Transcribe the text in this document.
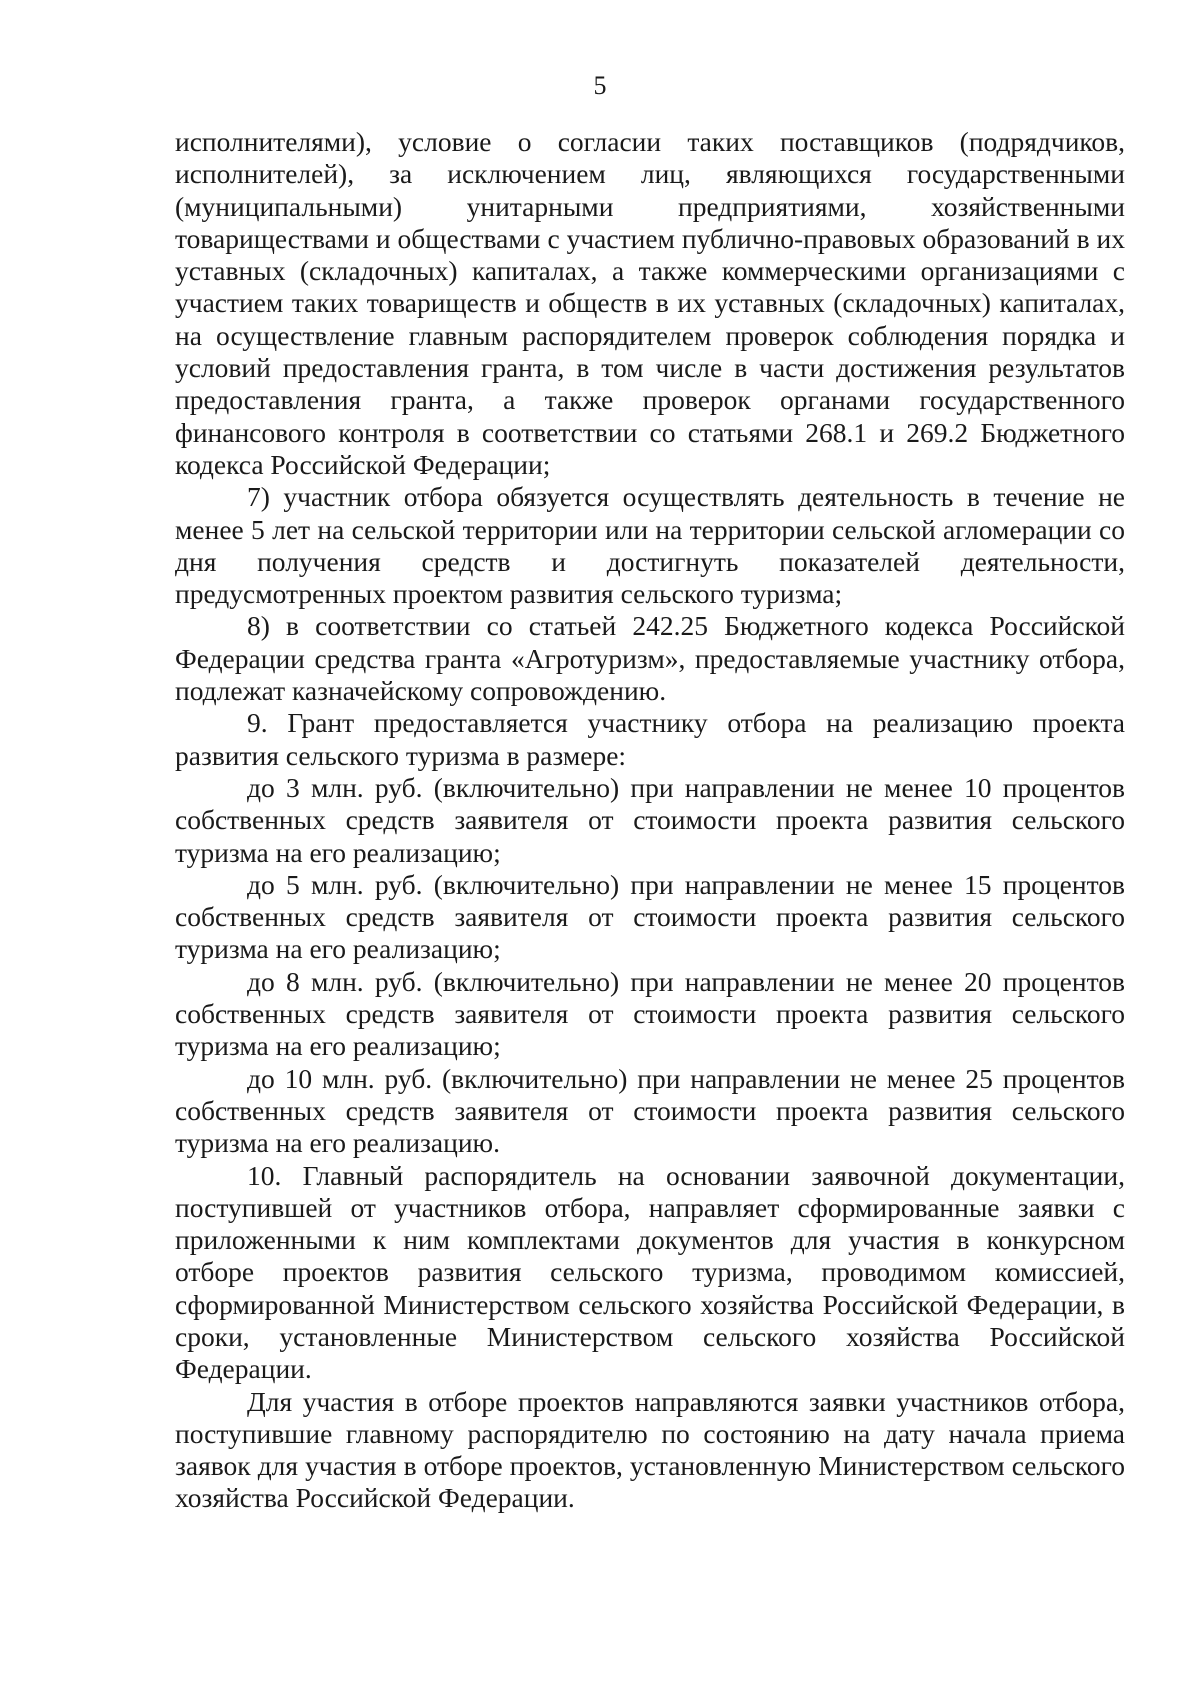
5

исполнителями), условие о согласии таких поставщиков (подрядчиков, исполнителей), за исключением лиц, являющихся государственными (муниципальными) унитарными предприятиями, хозяйственными товариществами и обществами с участием публично-правовых образований в их уставных (складочных) капиталах, а также коммерческими организациями с участием таких товариществ и обществ в их уставных (складочных) капиталах, на осуществление главным распорядителем проверок соблюдения порядка и условий предоставления гранта, в том числе в части достижения результатов предоставления гранта, а также проверок органами государственного финансового контроля в соответствии со статьями 268.1 и 269.2 Бюджетного кодекса Российской Федерации;

7) участник отбора обязуется осуществлять деятельность в течение не менее 5 лет на сельской территории или на территории сельской агломерации со дня получения средств и достигнуть показателей деятельности, предусмотренных проектом развития сельского туризма;

8) в соответствии со статьей 242.25 Бюджетного кодекса Российской Федерации средства гранта «Агротуризм», предоставляемые участнику отбора, подлежат казначейскому сопровождению.

9. Грант предоставляется участнику отбора на реализацию проекта развития сельского туризма в размере:

до 3 млн. руб. (включительно) при направлении не менее 10 процентов собственных средств заявителя от стоимости проекта развития сельского туризма на его реализацию;

до 5 млн. руб. (включительно) при направлении не менее 15 процентов собственных средств заявителя от стоимости проекта развития сельского туризма на его реализацию;

до 8 млн. руб. (включительно) при направлении не менее 20 процентов собственных средств заявителя от стоимости проекта развития сельского туризма на его реализацию;

до 10 млн. руб. (включительно) при направлении не менее 25 процентов собственных средств заявителя от стоимости проекта развития сельского туризма на его реализацию.

10. Главный распорядитель на основании заявочной документации, поступившей от участников отбора, направляет сформированные заявки с приложенными к ним комплектами документов для участия в конкурсном отборе проектов развития сельского туризма, проводимом комиссией, сформированной Министерством сельского хозяйства Российской Федерации, в сроки, установленные Министерством сельского хозяйства Российской Федерации.

Для участия в отборе проектов направляются заявки участников отбора, поступившие главному распорядителю по состоянию на дату начала приема заявок для участия в отборе проектов, установленную Министерством сельского хозяйства Российской Федерации.
